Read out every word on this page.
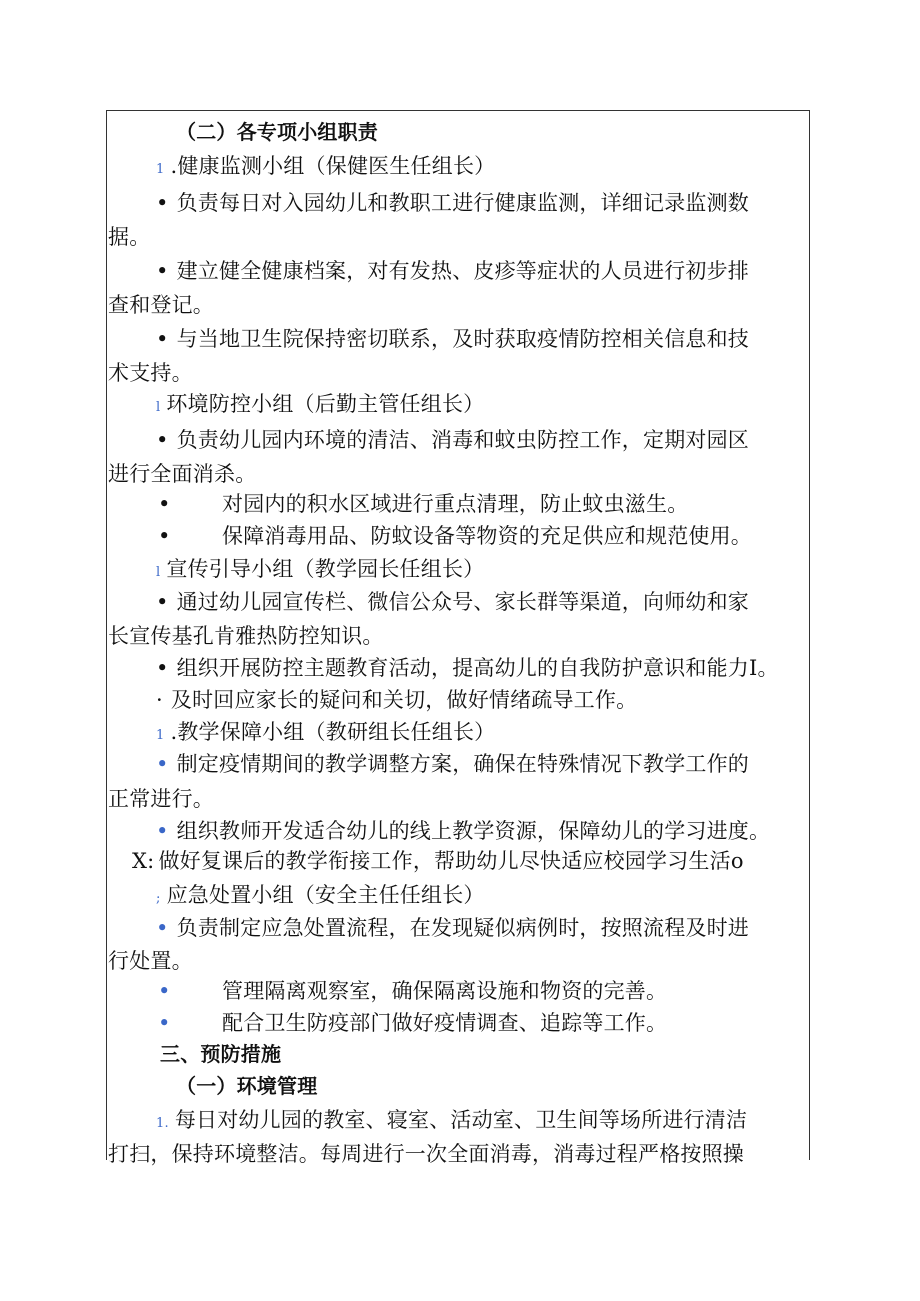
（二）各专项小组职责
1 .健康监测小组（保健医生任组长）
• 负责每日对入园幼儿和教职工进行健康监测，详细记录监测数
据。
• 建立健全健康档案，对有发热、皮疹等症状的人员进行初步排
查和登记。
• 与当地卫生院保持密切联系，及时获取疫情防控相关信息和技
术支持。
l 环境防控小组（后勤主管任组长）
• 负责幼儿园内环境的清洁、消毒和蚊虫防控工作，定期对园区
进行全面消杀。
• 对园内的积水区域进行重点清理，防止蚊虫滋生。
• 保障消毒用品、防蚊设备等物资的充足供应和规范使用。
l 宣传引导小组（教学园长任组长）
• 通过幼儿园宣传栏、微信公众号、家长群等渠道，向师幼和家
长宣传基孔肯雅热防控知识。
• 组织开展防控主题教育活动，提高幼儿的自我防护意识和能力I。
· 及时回应家长的疑问和关切，做好情绪疏导工作。
1 .教学保障小组（教研组长任组长）
• 制定疫情期间的教学调整方案，确保在特殊情况下教学工作的
正常进行。
• 组织教师开发适合幼儿的线上教学资源，保障幼儿的学习进度。
X: 做好复课后的教学衔接工作，帮助幼儿尽快适应校园学习生活o
; 应急处置小组（安全主任任组长）
• 负责制定应急处置流程，在发现疑似病例时，按照流程及时进
行处置。
• 管理隔离观察室，确保隔离设施和物资的完善。
• 配合卫生防疫部门做好疫情调查、追踪等工作。
三、预防措施
（一）环境管理
1. 每日对幼儿园的教室、寝室、活动室、卫生间等场所进行清洁
打扫，保持环境整洁。每周进行一次全面消毒，消毒过程严格按照操
